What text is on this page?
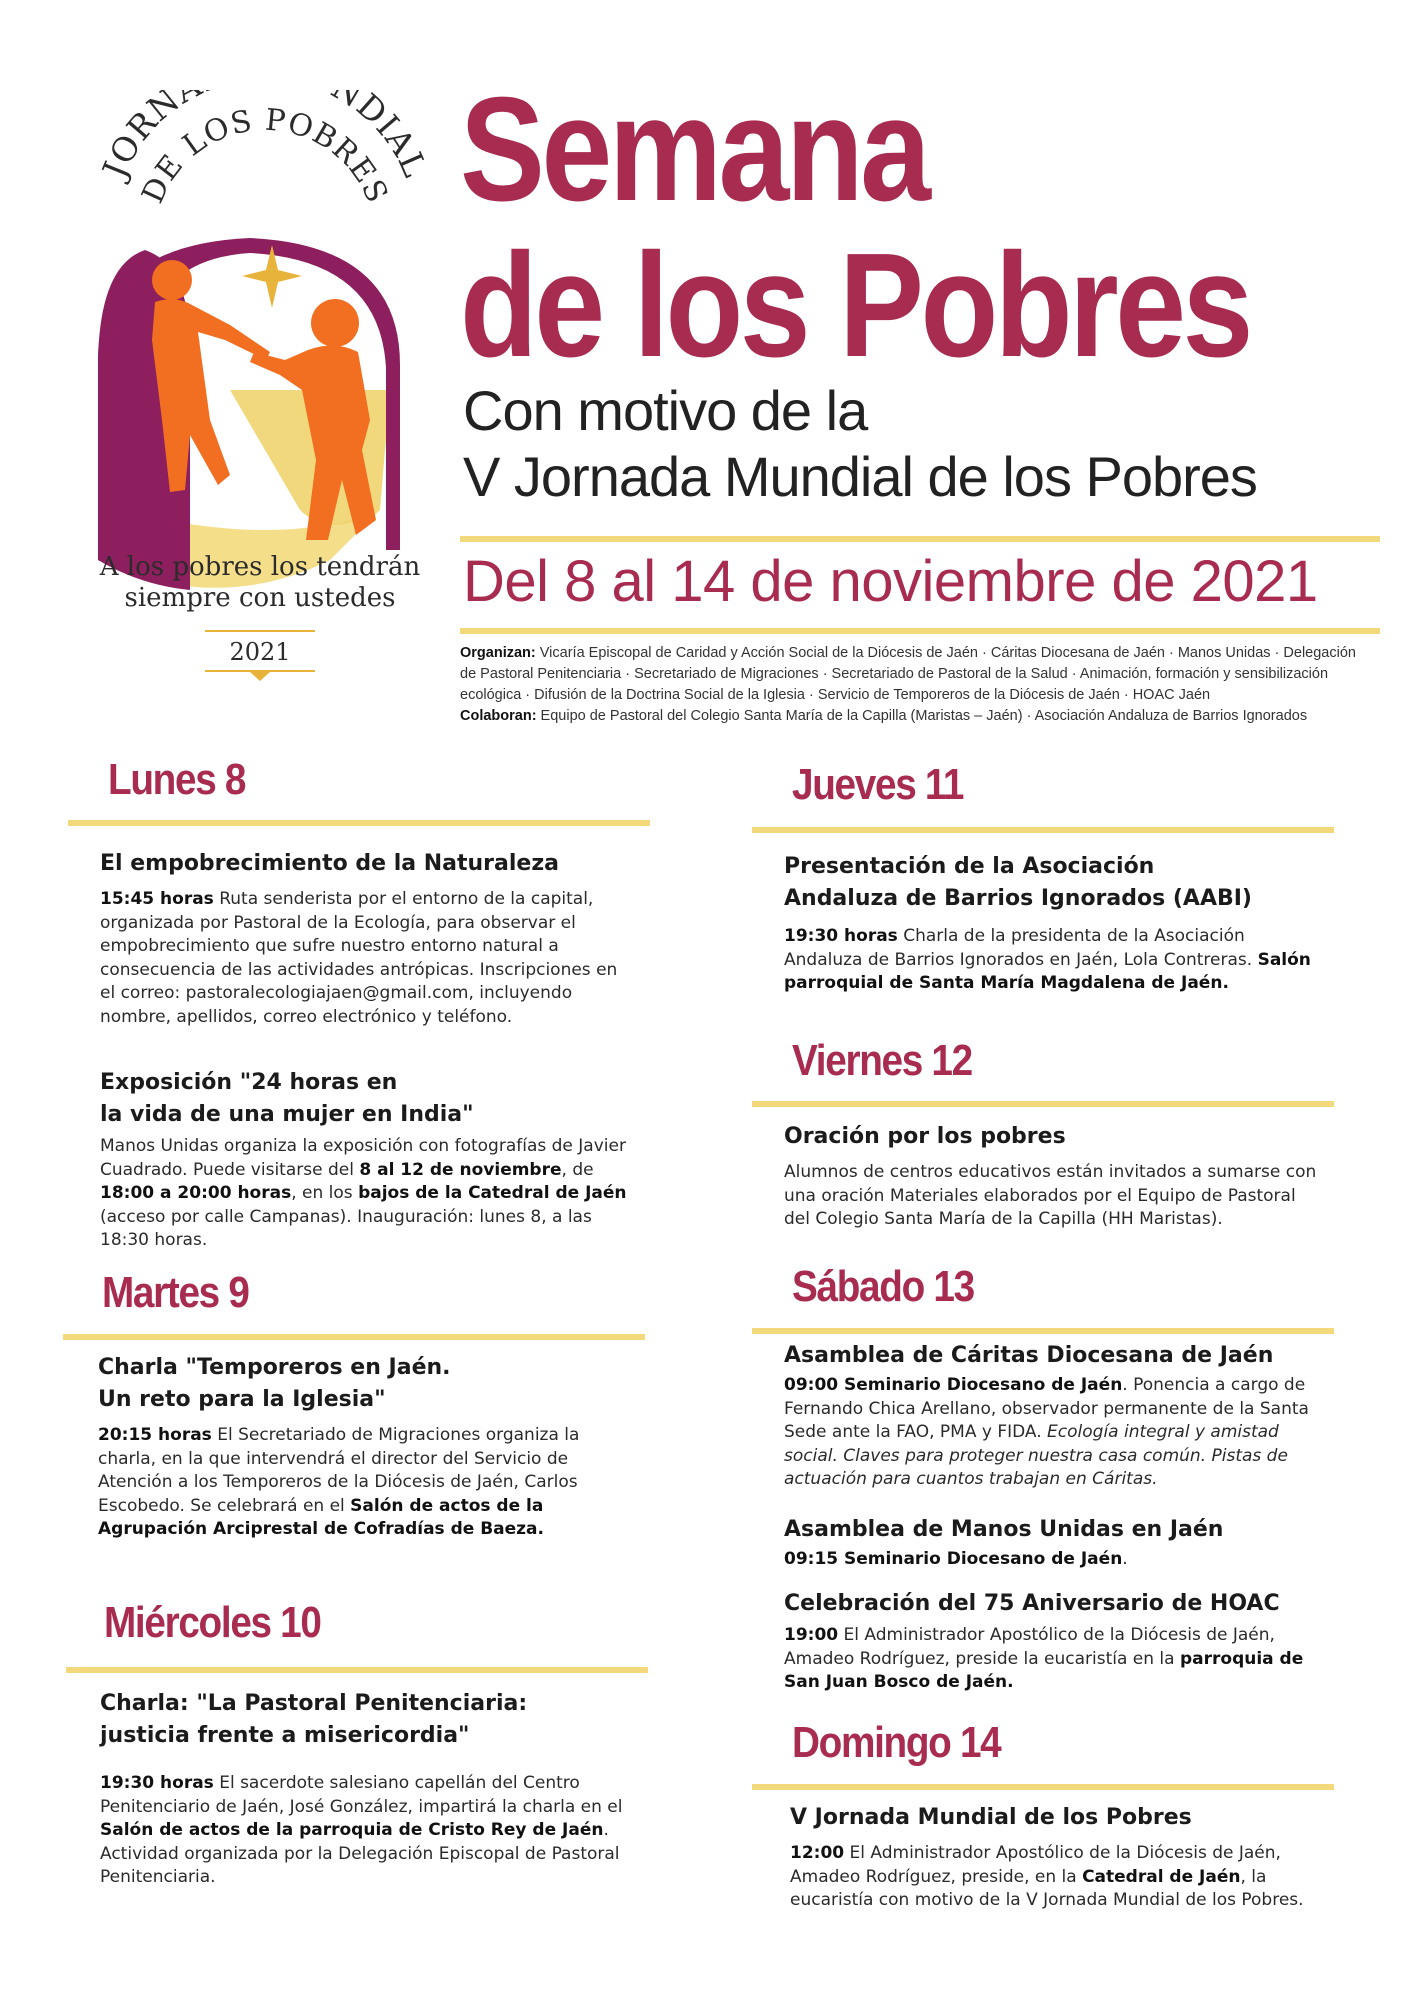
JORN NDIAL
DE LOS POBRES
A los pobres los tendrán
siempre con ustedes
2021
Semana
de los Pobres
Con motivo de la
V Jornada Mundial de los Pobres
Del 8 al 14 de noviembre de 2021
Organizan: Vicaría Episcopal de Caridad y Acción Social de la Diócesis de Jaén · Cáritas Diocesana de Jaén · Manos Unidas · Delegación de Pastoral Penitenciaria · Secretariado de Migraciones · Secretariado de Pastoral de la Salud · Animación, formación y sensibilización ecológica · Difusión de la Doctrina Social de la Iglesia · Servicio de Temporeros de la Diócesis de Jaén · HOAC Jaén
Colaboran: Equipo de Pastoral del Colegio Santa María de la Capilla (Maristas – Jaén) · Asociación Andaluza de Barrios Ignorados
Lunes 8
El empobrecimiento de la Naturaleza
15:45 horas Ruta senderista por el entorno de la capital, organizada por Pastoral de la Ecología, para observar el empobrecimiento que sufre nuestro entorno natural a consecuencia de las actividades antrópicas. Inscripciones en el correo: pastoralecologiajaen@gmail.com, incluyendo nombre, apellidos, correo electrónico y teléfono.
Exposición "24 horas en
la vida de una mujer en India"
Manos Unidas organiza la exposición con fotografías de Javier Cuadrado. Puede visitarse del 8 al 12 de noviembre, de 18:00 a 20:00 horas, en los bajos de la Catedral de Jaén (acceso por calle Campanas). Inauguración: lunes 8, a las 18:30 horas.
Martes 9
Charla "Temporeros en Jaén.
Un reto para la Iglesia"
20:15 horas El Secretariado de Migraciones organiza la charla, en la que intervendrá el director del Servicio de Atención a los Temporeros de la Diócesis de Jaén, Carlos Escobedo. Se celebrará en el Salón de actos de la Agrupación Arciprestal de Cofradías de Baeza.
Miércoles 10
Charla: "La Pastoral Penitenciaria:
justicia frente a misericordia"
19:30 horas El sacerdote salesiano capellán del Centro Penitenciario de Jaén, José González, impartirá la charla en el Salón de actos de la parroquia de Cristo Rey de Jaén. Actividad organizada por la Delegación Episcopal de Pastoral Penitenciaria.
Jueves 11
Presentación de la Asociación
Andaluza de Barrios Ignorados (AABI)
19:30 horas Charla de la presidenta de la Asociación Andaluza de Barrios Ignorados en Jaén, Lola Contreras. Salón parroquial de Santa María Magdalena de Jaén.
Viernes 12
Oración por los pobres
Alumnos de centros educativos están invitados a sumarse con una oración Materiales elaborados por el Equipo de Pastoral del Colegio Santa María de la Capilla (HH Maristas).
Sábado 13
Asamblea de Cáritas Diocesana de Jaén
09:00 Seminario Diocesano de Jaén. Ponencia a cargo de Fernando Chica Arellano, observador permanente de la Santa Sede ante la FAO, PMA y FIDA. Ecología integral y amistad social. Claves para proteger nuestra casa común. Pistas de actuación para cuantos trabajan en Cáritas.
Asamblea de Manos Unidas en Jaén
09:15 Seminario Diocesano de Jaén.
Celebración del 75 Aniversario de HOAC
19:00 El Administrador Apostólico de la Diócesis de Jaén, Amadeo Rodríguez, preside la eucaristía en la parroquia de San Juan Bosco de Jaén.
Domingo 14
V Jornada Mundial de los Pobres
12:00 El Administrador Apostólico de la Diócesis de Jaén, Amadeo Rodríguez, preside, en la Catedral de Jaén, la eucaristía con motivo de la V Jornada Mundial de los Pobres.
